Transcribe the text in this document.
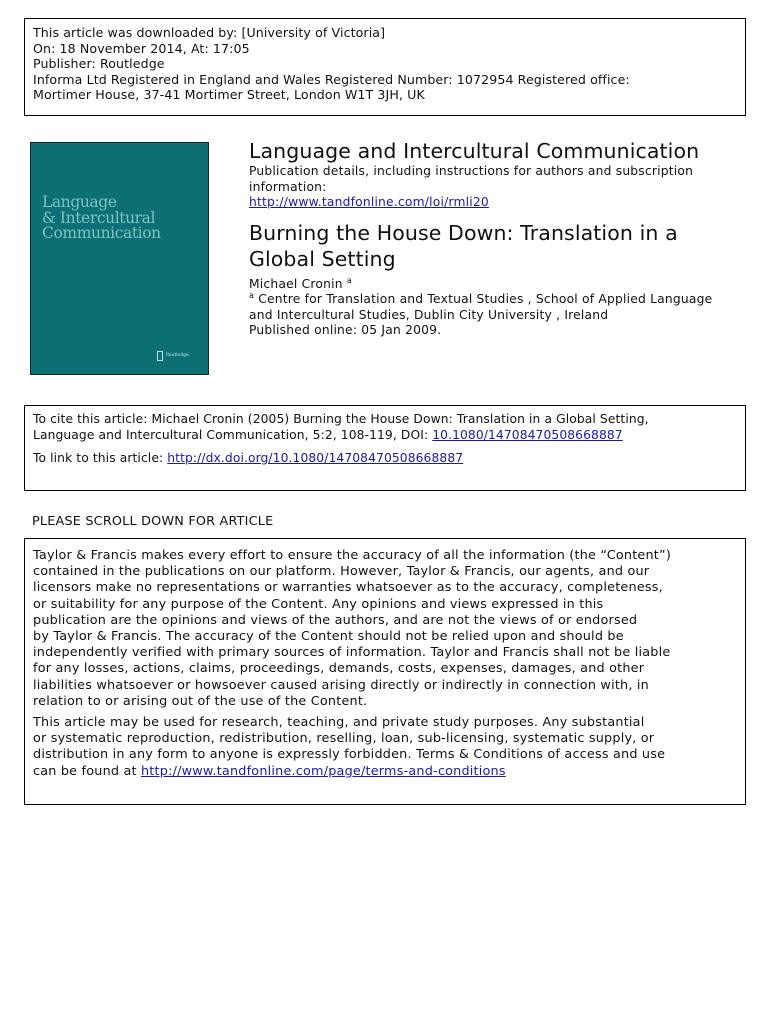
This article was downloaded by: [University of Victoria]
On: 18 November 2014, At: 17:05
Publisher: Routledge
Informa Ltd Registered in England and Wales Registered Number: 1072954 Registered office:
Mortimer House, 37-41 Mortimer Street, London W1T 3JH, UK
Language
& Intercultural
Communication
Routledge
Language and Intercultural Communication
Publication details, including instructions for authors and subscription
information:
http://www.tandfonline.com/loi/rmli20
Burning the House Down: Translation in a
Global Setting
Michael Cronin $^a$
$^a$ Centre for Translation and Textual Studies , School of Applied Language
and Intercultural Studies, Dublin City University , Ireland
Published online: 05 Jan 2009.
To cite this article: Michael Cronin (2005) Burning the House Down: Translation in a Global Setting,
Language and Intercultural Communication, 5:2, 108-119, DOI: 10.1080/14708470508668887
To link to this article: http://dx.doi.org/10.1080/14708470508668887
PLEASE SCROLL DOWN FOR ARTICLE
Taylor & Francis makes every effort to ensure the accuracy of all the information (the “Content”)
contained in the publications on our platform. However, Taylor & Francis, our agents, and our
licensors make no representations or warranties whatsoever as to the accuracy, completeness,
or suitability for any purpose of the Content. Any opinions and views expressed in this
publication are the opinions and views of the authors, and are not the views of or endorsed
by Taylor & Francis. The accuracy of the Content should not be relied upon and should be
independently verified with primary sources of information. Taylor and Francis shall not be liable
for any losses, actions, claims, proceedings, demands, costs, expenses, damages, and other
liabilities whatsoever or howsoever caused arising directly or indirectly in connection with, in
relation to or arising out of the use of the Content.
This article may be used for research, teaching, and private study purposes. Any substantial
or systematic reproduction, redistribution, reselling, loan, sub-licensing, systematic supply, or
distribution in any form to anyone is expressly forbidden. Terms & Conditions of access and use
can be found at http://www.tandfonline.com/page/terms-and-conditions
